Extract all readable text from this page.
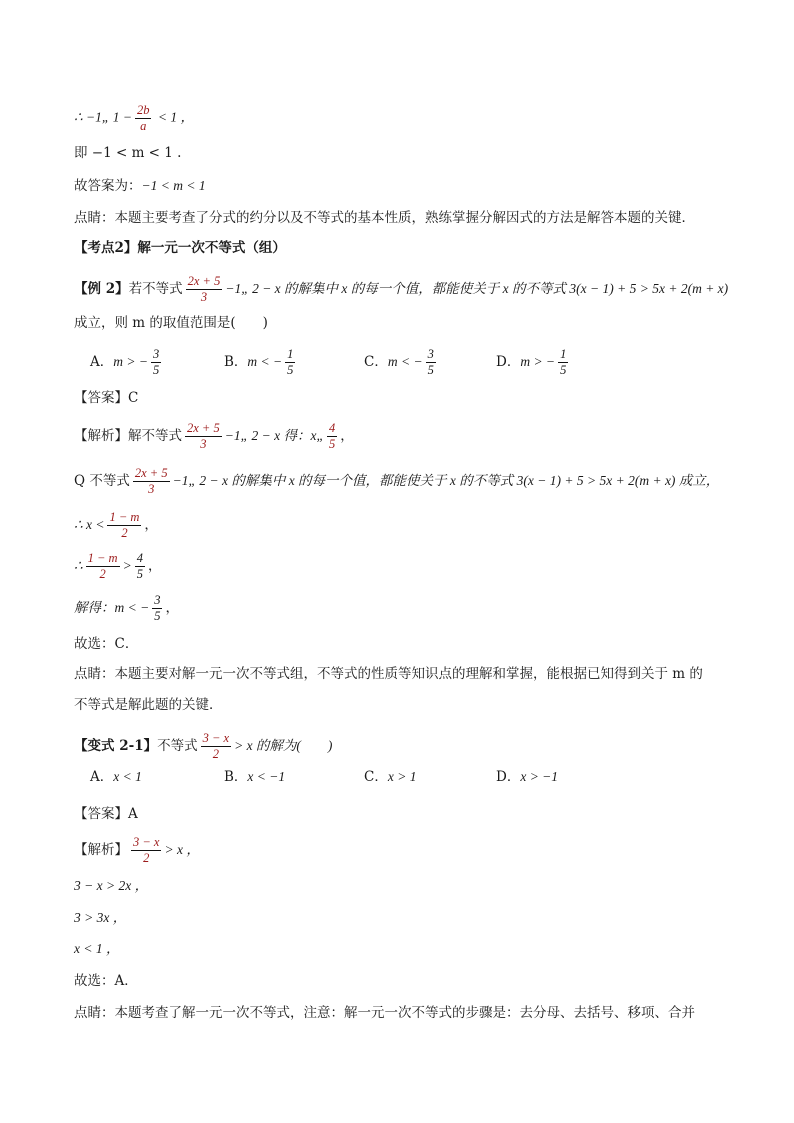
∴ −1„ $1 - \frac{2b}{a} < 1$ ，
即 −1 < m < 1 .
故答案为：−1 < m < 1
点睛：本题主要考查了分式的约分以及不等式的基本性质，熟练掌握分解因式的方法是解答本题的关键．
【考点2】解一元一次不等式（组）
【例 2】若不等式 $\frac{2x + 5}{3}$ −1„ 2 − x 的解集中 x 的每一个值，都能使关于 x 的不等式 3(x − 1) + 5 > 5x + 2(m + x)
成立，则 m 的取值范围是(　　)
A．m > − $\frac{3}{5}$	B．m < − $\frac{1}{5}$	C．m < − $\frac{3}{5}$	D．m > − $\frac{1}{5}$
【答案】C
【解析】解不等式 $\frac{2x + 5}{3}$ −1„ 2 − x 得：x„ $\frac{4}{5}$ ，
Q 不等式 $\frac{2x + 5}{3}$ −1„ 2 − x 的解集中 x 的每一个值，都能使关于 x 的不等式 3(x − 1) + 5 > 5x + 2(m + x) 成立，
∴ $x < \frac{1 - m}{2}$ ，
∴ $\frac{1 - m}{2} > \frac{4}{5}$ ，
解得：m < − $\frac{3}{5}$ ，
故选：C．
点睛：本题主要对解一元一次不等式组，不等式的性质等知识点的理解和掌握，能根据已知得到关于 m 的
不等式是解此题的关键．
【变式 2-1】不等式 $\frac{3 - x}{2} > x$ 的解为(　　)
A．x < 1	B．x < −1	C．x > 1	D．x > −1
【答案】A
【解析】 $\frac{3 - x}{2} > x$ ，
3 − x > 2x ，
3 > 3x ，
x < 1 ，
故选：A．
点睛：本题考查了解一元一次不等式，注意：解一元一次不等式的步骤是：去分母、去括号、移项、合并
